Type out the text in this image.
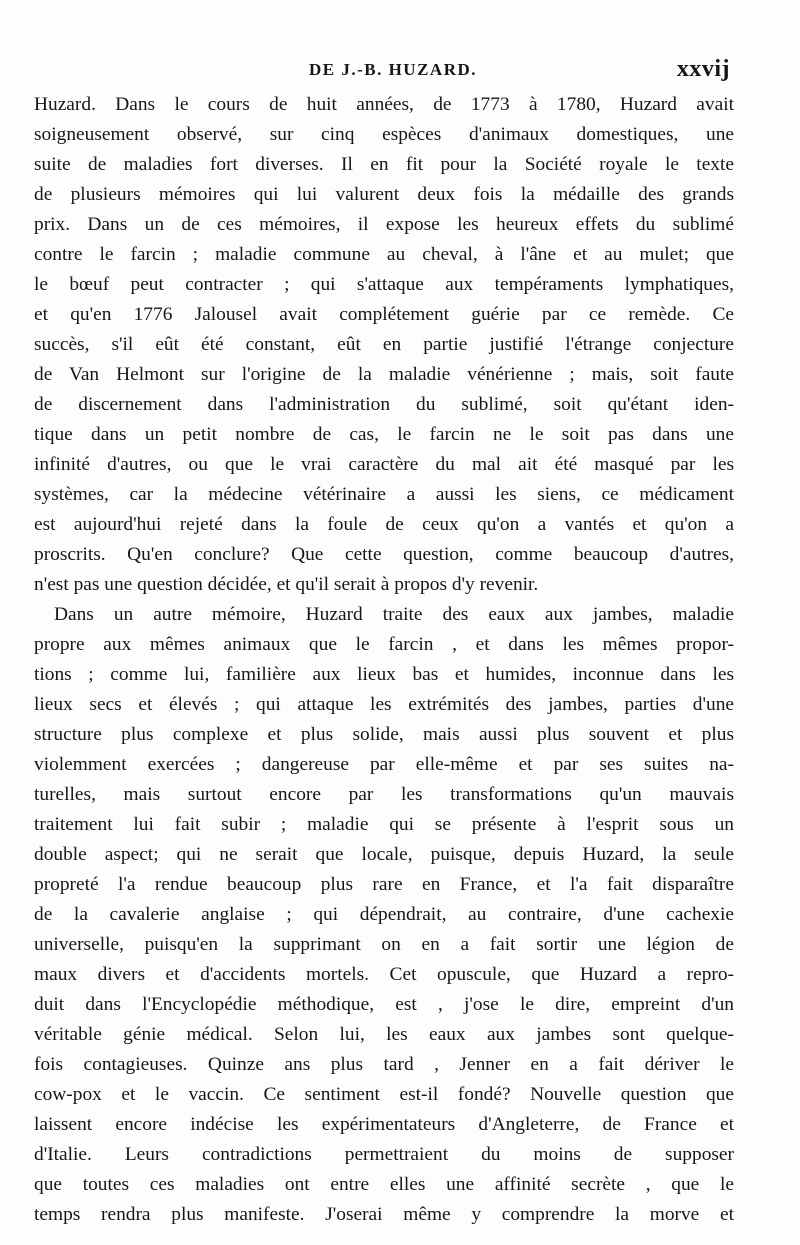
DE J.-B. HUZARD.	xxvij
Huzard. Dans le cours de huit années, de 1773 à 1780, Huzard avait
soigneusement observé, sur cinq espèces d'animaux domestiques, une
suite de maladies fort diverses. Il en fit pour la Société royale le texte
de plusieurs mémoires qui lui valurent deux fois la médaille des grands
prix. Dans un de ces mémoires, il expose les heureux effets du sublimé
contre le farcin ; maladie commune au cheval, à l'âne et au mulet; que
le bœuf peut contracter ; qui s'attaque aux tempéraments lymphatiques,
et qu'en 1776 Jalousel avait complétement guérie par ce remède. Ce
succès, s'il eût été constant, eût en partie justifié l'étrange conjecture
de Van Helmont sur l'origine de la maladie vénérienne ; mais, soit faute
de discernement dans l'administration du sublimé, soit qu'étant iden-
tique dans un petit nombre de cas, le farcin ne le soit pas dans une
infinité d'autres, ou que le vrai caractère du mal ait été masqué par les
systèmes, car la médecine vétérinaire a aussi les siens, ce médicament
est aujourd'hui rejeté dans la foule de ceux qu'on a vantés et qu'on a
proscrits. Qu'en conclure? Que cette question, comme beaucoup d'autres,
n'est pas une question décidée, et qu'il serait à propos d'y revenir.
Dans un autre mémoire, Huzard traite des eaux aux jambes, maladie
propre aux mêmes animaux que le farcin , et dans les mêmes propor-
tions ; comme lui, familière aux lieux bas et humides, inconnue dans les
lieux secs et élevés ; qui attaque les extrémités des jambes, parties d'une
structure plus complexe et plus solide, mais aussi plus souvent et plus
violemment exercées ; dangereuse par elle-même et par ses suites na-
turelles, mais surtout encore par les transformations qu'un mauvais
traitement lui fait subir ; maladie qui se présente à l'esprit sous un
double aspect; qui ne serait que locale, puisque, depuis Huzard, la seule
propreté l'a rendue beaucoup plus rare en France, et l'a fait disparaître
de la cavalerie anglaise ; qui dépendrait, au contraire, d'une cachexie
universelle, puisqu'en la supprimant on en a fait sortir une légion de
maux divers et d'accidents mortels. Cet opuscule, que Huzard a repro-
duit dans l'Encyclopédie méthodique, est , j'ose le dire, empreint d'un
véritable génie médical. Selon lui, les eaux aux jambes sont quelque-
fois contagieuses. Quinze ans plus tard , Jenner en a fait dériver le
cow-pox et le vaccin. Ce sentiment est-il fondé? Nouvelle question que
laissent encore indécise les expérimentateurs d'Angleterre, de France et
d'Italie. Leurs contradictions permettraient du moins de supposer
que toutes ces maladies ont entre elles une affinité secrète , que le
temps rendra plus manifeste. J'oserai même y comprendre la morve et
